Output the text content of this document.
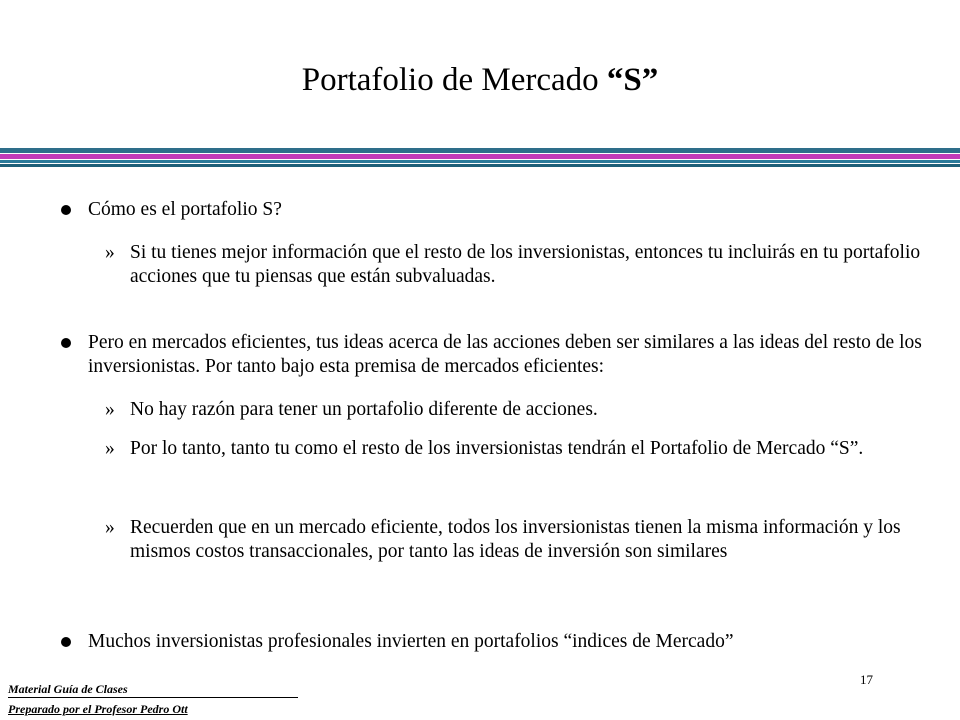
Portafolio de Mercado “S”
Cómo es el portafolio S?
» Si tu tienes mejor información que el resto de los inversionistas, entonces tu incluirás en tu portafolio acciones que tu piensas que están subvaluadas.
Pero en mercados eficientes, tus ideas acerca de las acciones deben ser similares a las ideas del resto de los inversionistas. Por tanto bajo esta premisa de mercados eficientes:
» No hay razón para tener un portafolio diferente de acciones.
» Por lo tanto, tanto tu como el resto de los inversionistas tendrán el Portafolio de Mercado “S”.
» Recuerden que en un mercado eficiente, todos los inversionistas tienen la misma información y los mismos costos transaccionales, por tanto las ideas de inversión son similares
Muchos inversionistas profesionales invierten en portafolios “indices de Mercado”
17
Material Guía de Clases
Preparado por el Profesor Pedro Ott
